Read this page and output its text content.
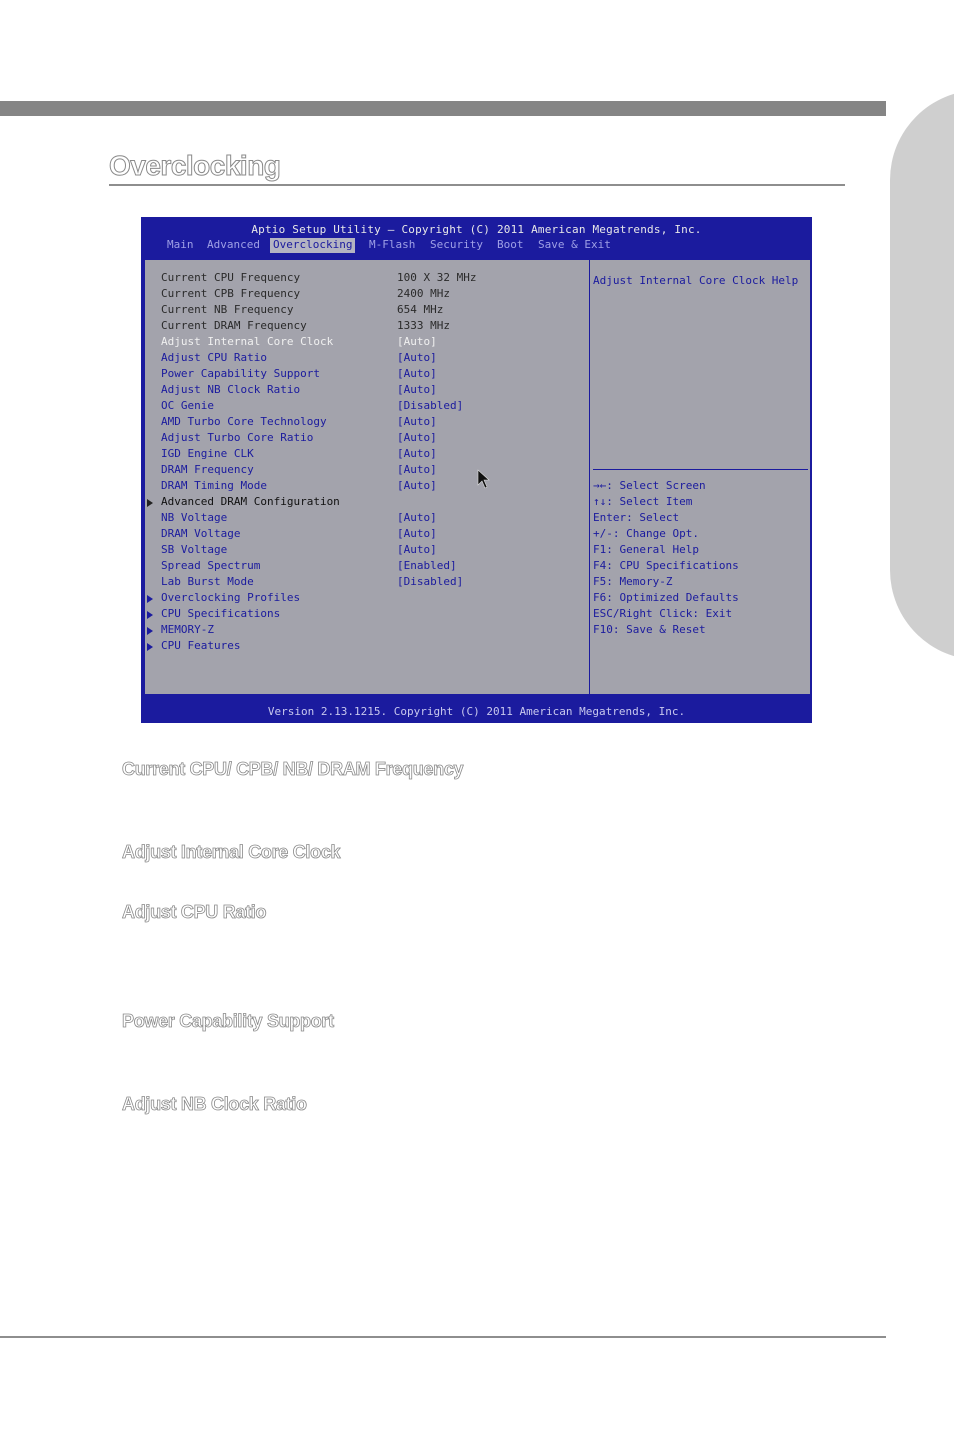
Overclocking
Aptio Setup Utility – Copyright (C) 2011 American Megatrends, Inc.
Main Advanced Overclocking M-Flash Security Boot Save & Exit
Current CPU Frequency	100 X 32 MHz
Current CPB Frequency	2400 MHz
Current NB Frequency	654 MHz
Current DRAM Frequency	1333 MHz
Adjust Internal Core Clock	[Auto]
Adjust CPU Ratio	[Auto]
Power Capability Support	[Auto]
Adjust NB Clock Ratio	[Auto]
OC Genie	[Disabled]
AMD Turbo Core Technology	[Auto]
Adjust Turbo Core Ratio	[Auto]
IGD Engine CLK	[Auto]
DRAM Frequency	[Auto]
DRAM Timing Mode	[Auto]
Advanced DRAM Configuration
NB Voltage	[Auto]
DRAM Voltage	[Auto]
SB Voltage	[Auto]
Spread Spectrum	[Enabled]
Lab Burst Mode	[Disabled]
Overclocking Profiles
CPU Specifications
MEMORY-Z
CPU Features
Adjust Internal Core Clock Help
→←: Select Screen
↑↓: Select Item
Enter: Select
+/-: Change Opt.
F1: General Help
F4: CPU Specifications
F5: Memory-Z
F6: Optimized Defaults
ESC/Right Click: Exit
F10: Save & Reset
Version 2.13.1215. Copyright (C) 2011 American Megatrends, Inc.
Current CPU/ CPB/ NB/ DRAM Frequency
Adjust Internal Core Clock
Adjust CPU Ratio
Power Capability Support
Adjust NB Clock Ratio
